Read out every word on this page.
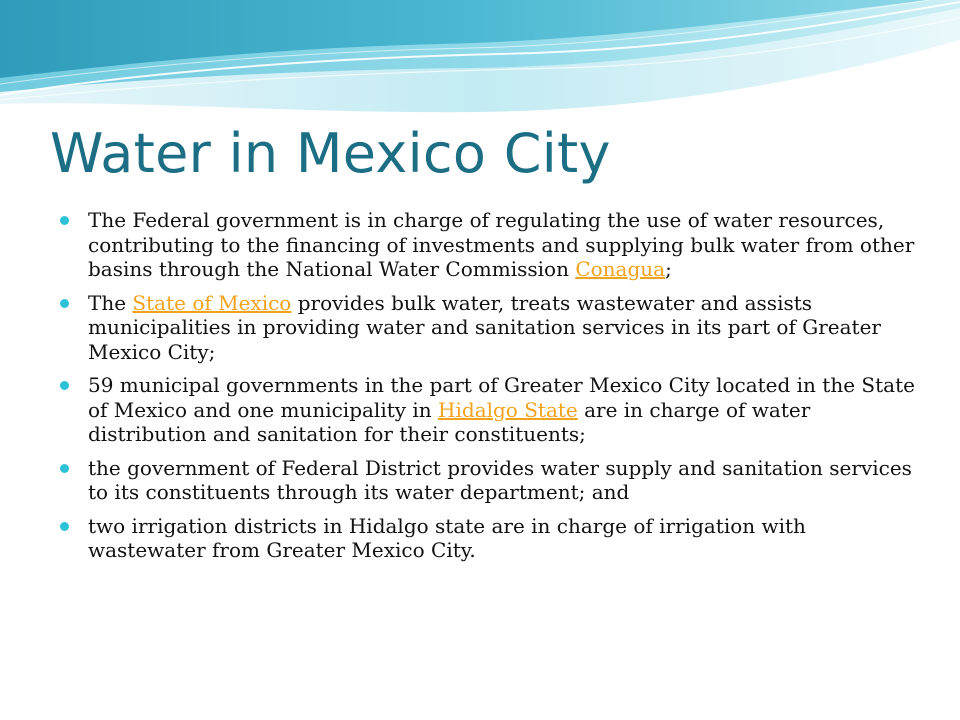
Water in Mexico City
The Federal government is in charge of regulating the use of water resources, contributing to the financing of investments and supplying bulk water from other basins through the National Water Commission Conagua;
The State of Mexico provides bulk water, treats wastewater and assists municipalities in providing water and sanitation services in its part of Greater Mexico City;
59 municipal governments in the part of Greater Mexico City located in the State of Mexico and one municipality in Hidalgo State are in charge of water distribution and sanitation for their constituents;
the government of Federal District provides water supply and sanitation services to its constituents through its water department; and
two irrigation districts in Hidalgo state are in charge of irrigation with wastewater from Greater Mexico City.
